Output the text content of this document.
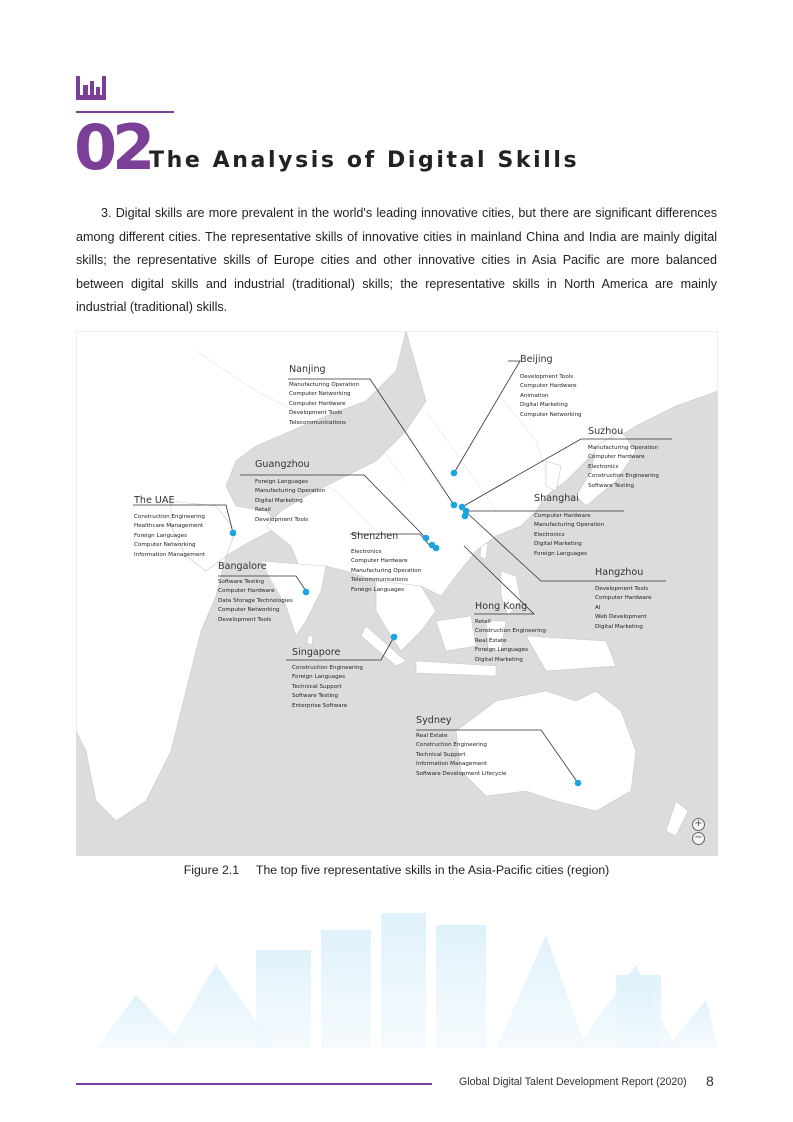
02
The Analysis of Digital Skills
3. Digital skills are more prevalent in the world's leading innovative cities, but there are significant differences among different cities. The representative skills of innovative cities in mainland China and India are mainly digital skills; the representative skills of Europe cities and other innovative cities in Asia Pacific are more balanced between digital skills and industrial (traditional) skills; the representative skills in North America are mainly industrial (traditional) skills.
Nanjing
Manufacturing Operation
Computer Networking
Computer Hardware
Development Tools
Telecommunications
Beijing
Development Tools
Computer Hardware
Animation
Digital Marketing
Computer Networking
Suzhou
Manufacturing Operation
Computer Hardware
Electronics
Construction Engineering
Software Testing
Guangzhou
Foreign Languages
Manufacturing Operation
Digital Marketing
Retail
Development Tools
The UAE
Construction Engineering
Healthcare Management
Foreign Languages
Computer Networking
Information Management
Shanghai
Computer Hardware
Manufacturing Operation
Electronics
Digital Marketing
Foreign Languages
Shenzhen
Electronics
Computer Hardware
Manufacturing Operation
Telecommunications
Foreign Languages
Bangalore
Software Testing
Computer Hardware
Data Storage Technologies
Computer Networking
Development Tools
Hangzhou
Development Tools
Computer Hardware
AI
Web Development
Digital Marketing
Hong Kong
Retail
Construction Engineering
Real Estate
Foreign Languages
Digital Marketing
Singapore
Construction Engineering
Foreign Languages
Technical Support
Software Testing
Enterprise Software
Sydney
Real Estate
Construction Engineering
Technical Support
Information Management
Software Development Lifecycle
+
−
Figure 2.1     The top five representative skills in the Asia-Pacific cities (region)
Global Digital Talent Development Report (2020) 8
